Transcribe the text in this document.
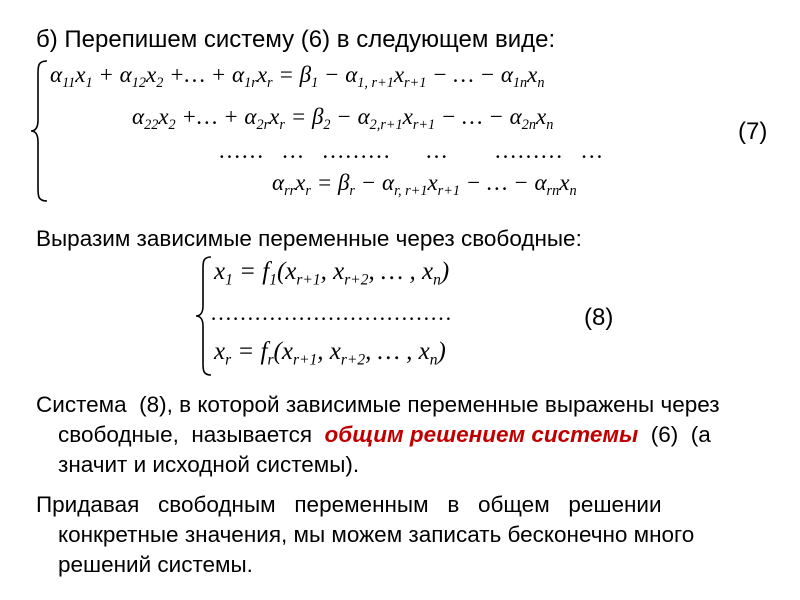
б) Перепишем систему (6) в следующем виде:
$\alpha_{11}x_1 + \alpha_{12}x_2$ +… + $\alpha_{1r}x_r = \beta_1 - \alpha_{1, r+1}x_{r+1}$ − … − $\alpha_{1n}x_n$
$\alpha_{22}x_2$ +… + $\alpha_{2r}x_r = \beta_2 - \alpha_{2,r+1}x_{r+1}$ − … − $\alpha_{2n}x_n$
……   …   ………      …        ………   …
$\alpha_{rr}x_r = \beta_r - \alpha_{r, r+1}x_{r+1}$ − … − $\alpha_{rn}x_n$
(7)
Выразим зависимые переменные через свободные:
$x_1 = f_1(x_{r+1}$, $x_{r+2}$, … , $x_n$)
……………………………
$x_r = f_r(x_{r+1}$, $x_{r+2}$, … , $x_n$)
(8)
Система  (8), в которой зависимые переменные выражены через
свободные,  называется  общим решением системы  (6)  (а
значит и исходной системы).
Придавая   свободным   переменным   в   общем   решении
конкретные значения, мы можем записать бесконечно много
решений системы.
